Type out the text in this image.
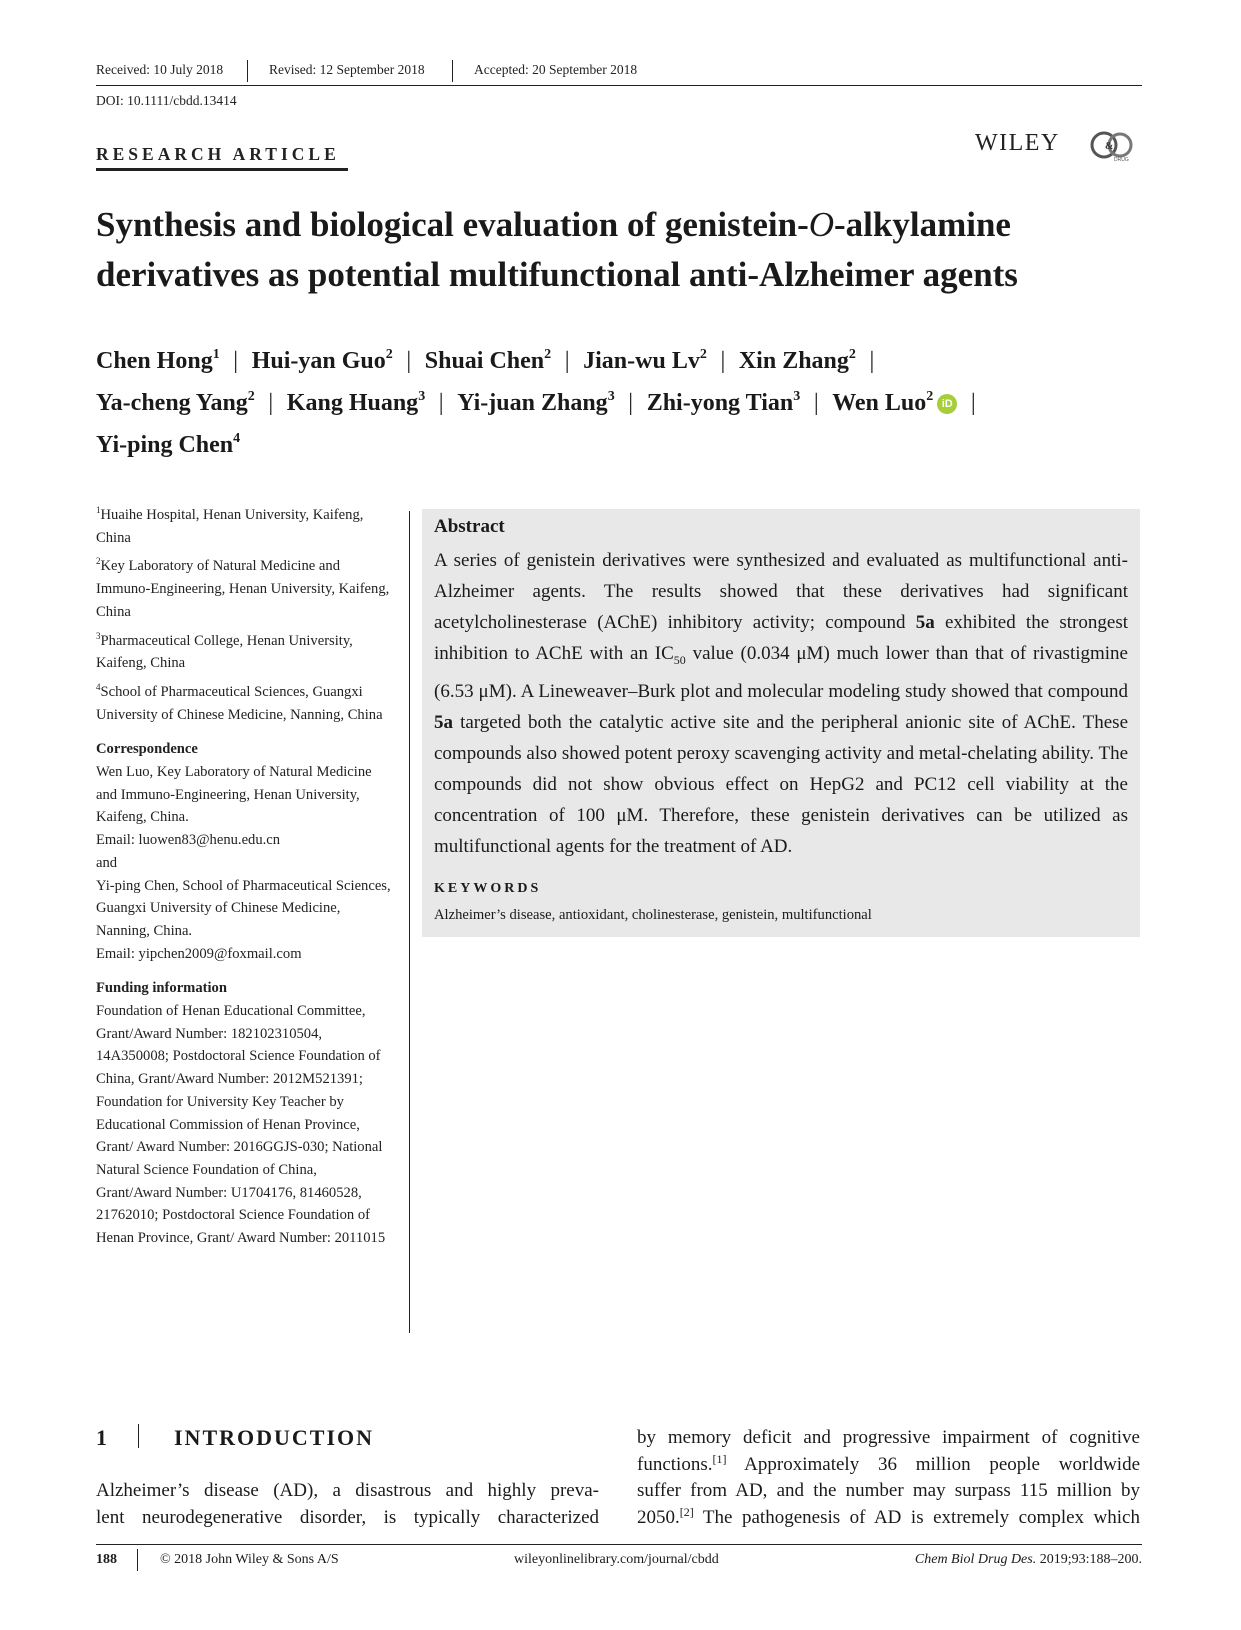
Received: 10 July 2018	Revised: 12 September 2018	Accepted: 20 September 2018
DOI: 10.1111/cbdd.13414
RESEARCH ARTICLE	WILEY	&
DRUG
Synthesis and biological evaluation of genistein-O-alkylamine derivatives as potential multifunctional anti-Alzheimer agents
Chen Hong$^1$ | Hui-yan Guo$^2$ | Shuai Chen$^2$ | Jian-wu Lv$^2$ | Xin Zhang$^2$ |
Ya-cheng Yang$^2$ | Kang Huang$^3$ | Yi-juan Zhang$^3$ | Zhi-yong Tian$^3$ | Wen Luo$^2$ iD |
Yi-ping Chen$^4$
$^1$Huaihe Hospital, Henan University, Kaifeng, China
$^2$Key Laboratory of Natural Medicine and Immuno-Engineering, Henan University, Kaifeng, China
$^3$Pharmaceutical College, Henan University, Kaifeng, China
$^4$School of Pharmaceutical Sciences, Guangxi University of Chinese Medicine, Nanning, China
Correspondence
Wen Luo, Key Laboratory of Natural Medicine and Immuno-Engineering, Henan University, Kaifeng, China.
Email: luowen83@henu.edu.cn
and
Yi-ping Chen, School of Pharmaceutical Sciences, Guangxi University of Chinese Medicine, Nanning, China.
Email: yipchen2009@foxmail.com
Funding information
Foundation of Henan Educational Committee, Grant/Award Number: 182102310504, 14A350008; Postdoctoral Science Foundation of China, Grant/Award Number: 2012M521391; Foundation for University Key Teacher by Educational Commission of Henan Province, Grant/ Award Number: 2016GGJS-030; National Natural Science Foundation of China, Grant/Award Number: U1704176, 81460528, 21762010; Postdoctoral Science Foundation of Henan Province, Grant/ Award Number: 2011015
Abstract
A series of genistein derivatives were synthesized and evaluated as multifunctional anti-Alzheimer agents. The results showed that these derivatives had significant acetylcholinesterase (AChE) inhibitory activity; compound 5a exhibited the strongest inhibition to AChE with an $IC_{50}$ value (0.034 μM) much lower than that of rivastigmine (6.53 μM). A Lineweaver–Burk plot and molecular modeling study showed that compound 5a targeted both the catalytic active site and the peripheral anionic site of AChE. These compounds also showed potent peroxy scavenging activity and metal-chelating ability. The compounds did not show obvious effect on HepG2 and PC12 cell viability at the concentration of 100 μM. Therefore, these genistein derivatives can be utilized as multifunctional agents for the treatment of AD.
KEYWORDS
Alzheimer’s disease, antioxidant, cholinesterase, genistein, multifunctional
1	INTRODUCTION
Alzheimer’s disease (AD), a disastrous and highly preva-
lent neurodegenerative disorder, is typically characterized
by memory deficit and progressive impairment of cognitive
functions.[1] Approximately 36 million people worldwide
suffer from AD, and the number may surpass 115 million by
2050.[2] The pathogenesis of AD is extremely complex which
188	© 2018 John Wiley & Sons A/S	wileyonlinelibrary.com/journal/cbdd	Chem Biol Drug Des. 2019;93:188–200.
